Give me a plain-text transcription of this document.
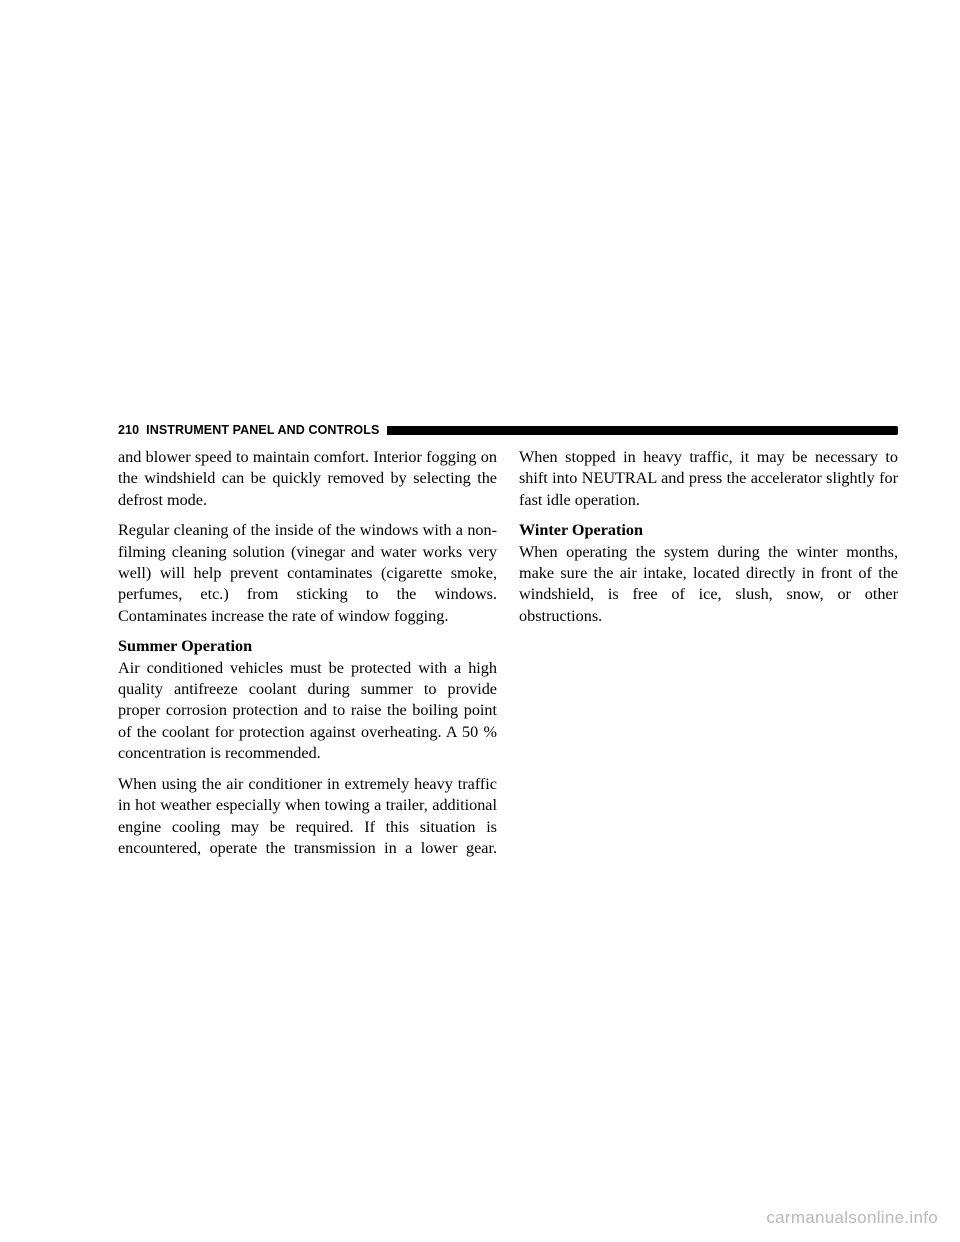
210 INSTRUMENT PANEL AND CONTROLS

and blower speed to maintain comfort. Interior fogging on the windshield can be quickly removed by selecting the defrost mode.

Regular cleaning of the inside of the windows with a non-filming cleaning solution (vinegar and water works very well) will help prevent contaminates (cigarette smoke, perfumes, etc.) from sticking to the windows. Contaminates increase the rate of window fogging.

Summer Operation
Air conditioned vehicles must be protected with a high quality antifreeze coolant during summer to provide proper corrosion protection and to raise the boiling point of the coolant for protection against overheating. A 50 % concentration is recommended.

When using the air conditioner in extremely heavy traffic in hot weather especially when towing a trailer, additional engine cooling may be required. If this situation is encountered, operate the transmission in a lower gear.

When stopped in heavy traffic, it may be necessary to shift into NEUTRAL and press the accelerator slightly for fast idle operation.

Winter Operation
When operating the system during the winter months, make sure the air intake, located directly in front of the windshield, is free of ice, slush, snow, or other obstructions.

carmanualsonline.info
